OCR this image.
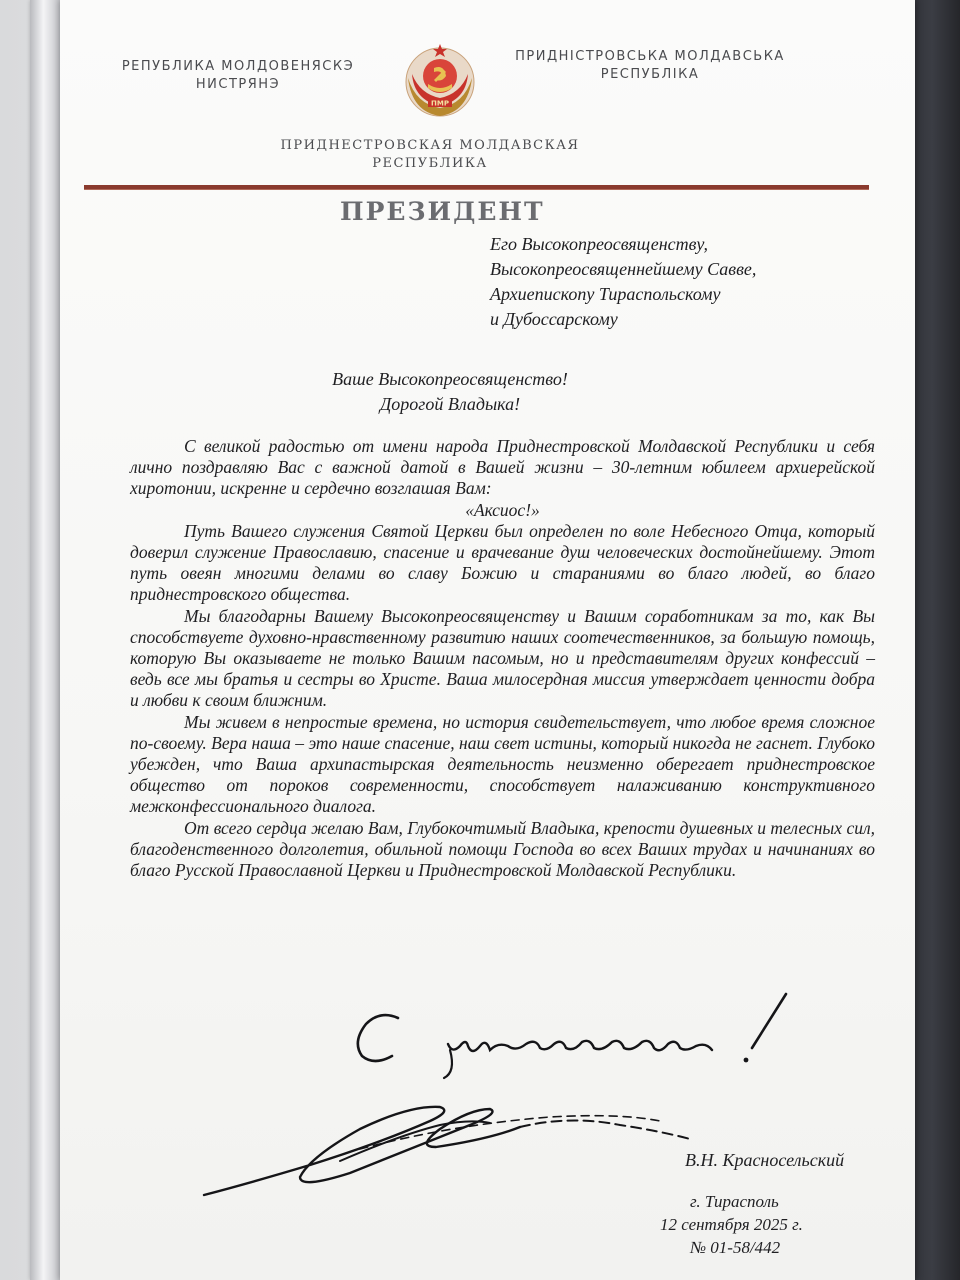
РЕПУБЛИКА МОЛДОВЕНЯСКЭ
НИСТРЯНЭ
ПМР
ПРИДНІСТРОВСЬКА МОЛДАВСЬКА
РЕСПУБЛІКА
ПРИДНЕСТРОВСКАЯ МОЛДАВСКАЯ
РЕСПУБЛИКА
ПРЕЗИДЕНТ
Его Высокопреосвященству,
Высокопреосвященнейшему Савве,
Архиепископу Тираспольскому
и Дубоссарскому
Ваше Высокопреосвященство!
Дорогой Владыка!

С великой радостью от имени народа Приднестровской Молдавской Республики и себя лично поздравляю Вас с важной датой в Вашей жизни – 30-летним юбилеем архиерейской хиротонии, искренне и сердечно возглашая Вам:

«Аксиос!»

Путь Вашего служения Святой Церкви был определен по воле Небесного Отца, который доверил служение Православию, спасение и врачевание душ человеческих достойнейшему. Этот путь овеян многими делами во славу Божию и стараниями во благо людей, во благо приднестровского общества.

Мы благодарны Вашему Высокопреосвященству и Вашим соработникам за то, как Вы способствуете духовно-нравственному развитию наших соотечественников, за большую помощь, которую Вы оказываете не только Вашим пасомым, но и представителям других конфессий – ведь все мы братья и сестры во Христе. Ваша милосердная миссия утверждает ценности добра и любви к своим ближним.

Мы живем в непростые времена, но история свидетельствует, что любое время сложное по-своему. Вера наша – это наше спасение, наш свет истины, который никогда не гаснет. Глубоко убежден, что Ваша архипастырская деятельность неизменно оберегает приднестровское общество от пороков современности, способствует налаживанию конструктивного межконфессионального диалога.

От всего сердца желаю Вам, Глубокочтимый Владыка, крепости душевных и телесных сил, благоденственного долголетия, обильной помощи Господа во всех Ваших трудах и начинаниях во благо Русской Православной Церкви и Приднестровской Молдавской Республики.

В.Н. Красносельский
г. Тирасполь
12 сентября 2025 г.
№ 01-58/442
